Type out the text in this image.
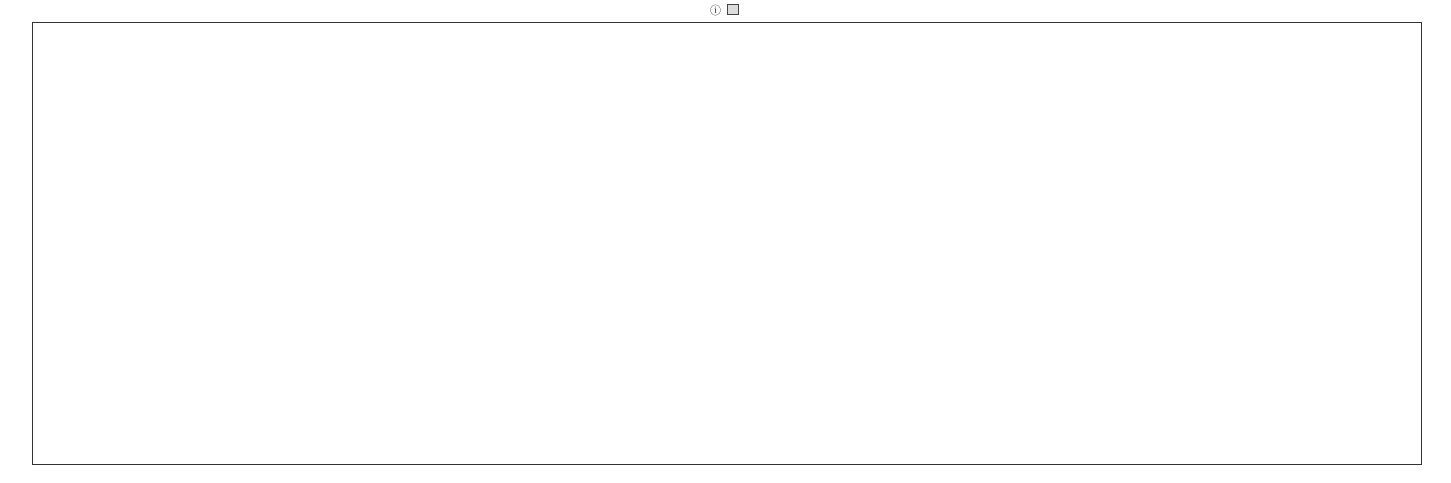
ⓘ
